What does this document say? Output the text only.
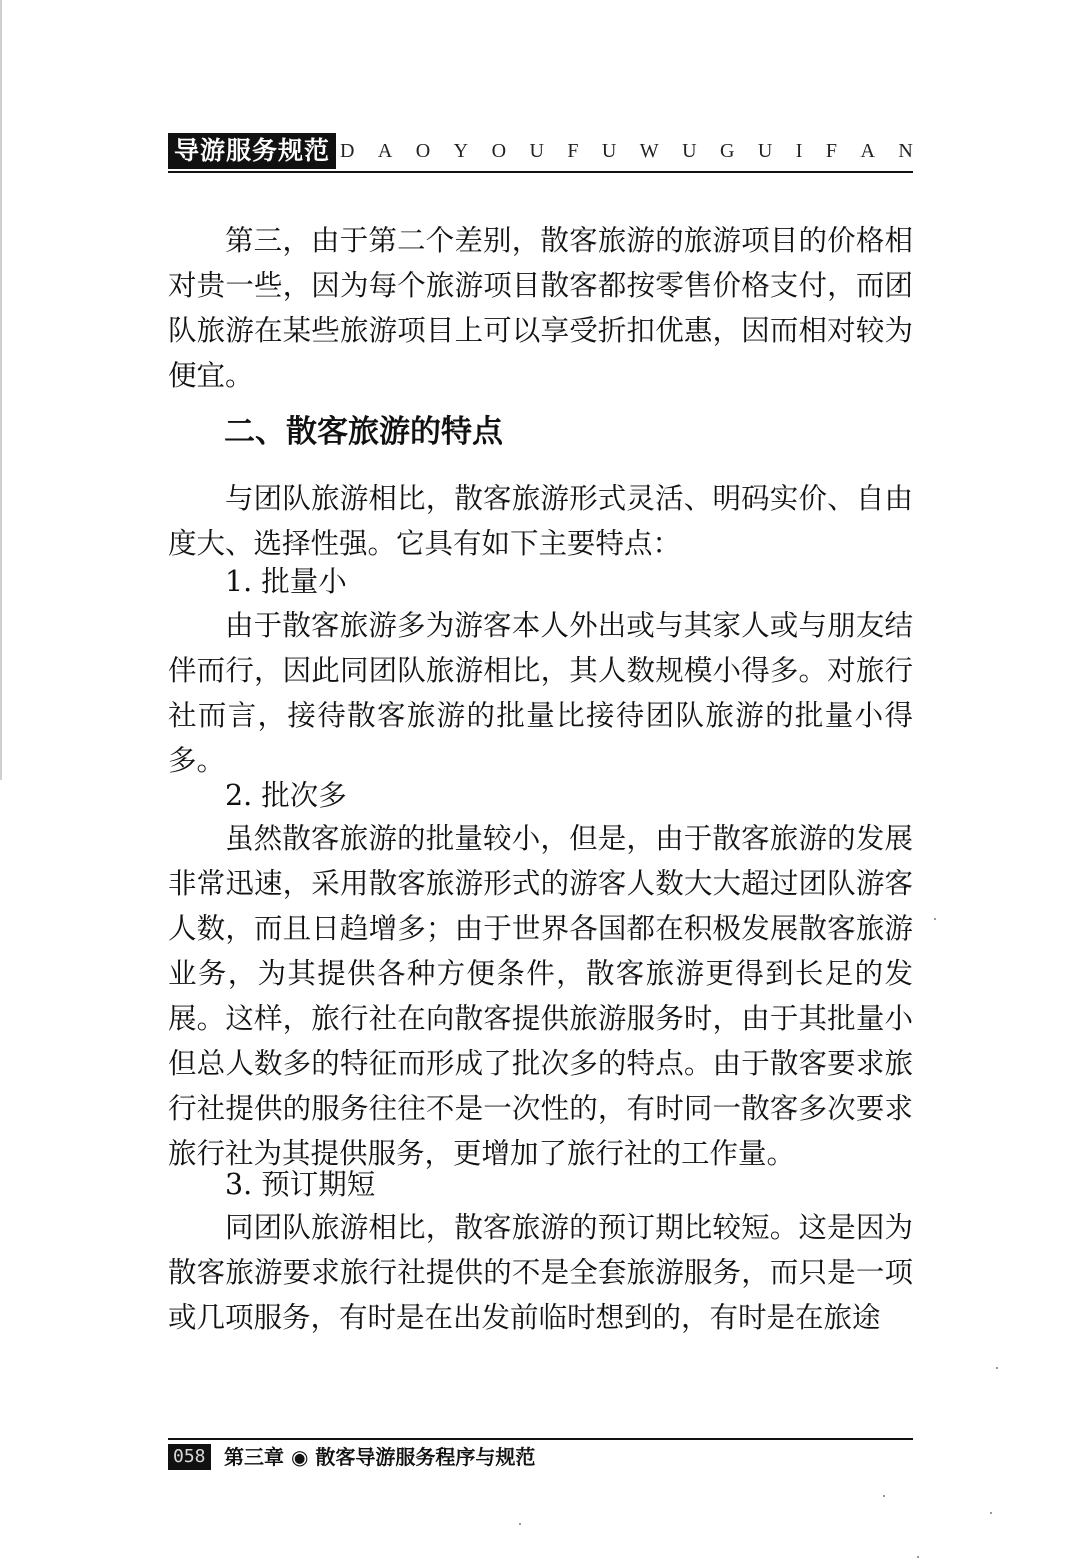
导游服务规范 D A O Y O U F U W U G U I F A N

第三，由于第二个差别，散客旅游的旅游项目的价格相对贵一些，因为每个旅游项目散客都按零售价格支付，而团队旅游在某些旅游项目上可以享受折扣优惠，因而相对较为便宜。

二、散客旅游的特点

与团队旅游相比，散客旅游形式灵活、明码实价、自由度大、选择性强。它具有如下主要特点：

1. 批量小

由于散客旅游多为游客本人外出或与其家人或与朋友结伴而行，因此同团队旅游相比，其人数规模小得多。对旅行社而言，接待散客旅游的批量比接待团队旅游的批量小得多。

2. 批次多

虽然散客旅游的批量较小，但是，由于散客旅游的发展非常迅速，采用散客旅游形式的游客人数大大超过团队游客人数，而且日趋增多；由于世界各国都在积极发展散客旅游业务，为其提供各种方便条件，散客旅游更得到长足的发展。这样，旅行社在向散客提供旅游服务时，由于其批量小但总人数多的特征而形成了批次多的特点。由于散客要求旅行社提供的服务往往不是一次性的，有时同一散客多次要求旅行社为其提供服务，更增加了旅行社的工作量。

3. 预订期短

同团队旅游相比，散客旅游的预订期比较短。这是因为散客旅游要求旅行社提供的不是全套旅游服务，而只是一项或几项服务，有时是在出发前临时想到的，有时是在旅途

058 第三章 ◉ 散客导游服务程序与规范
